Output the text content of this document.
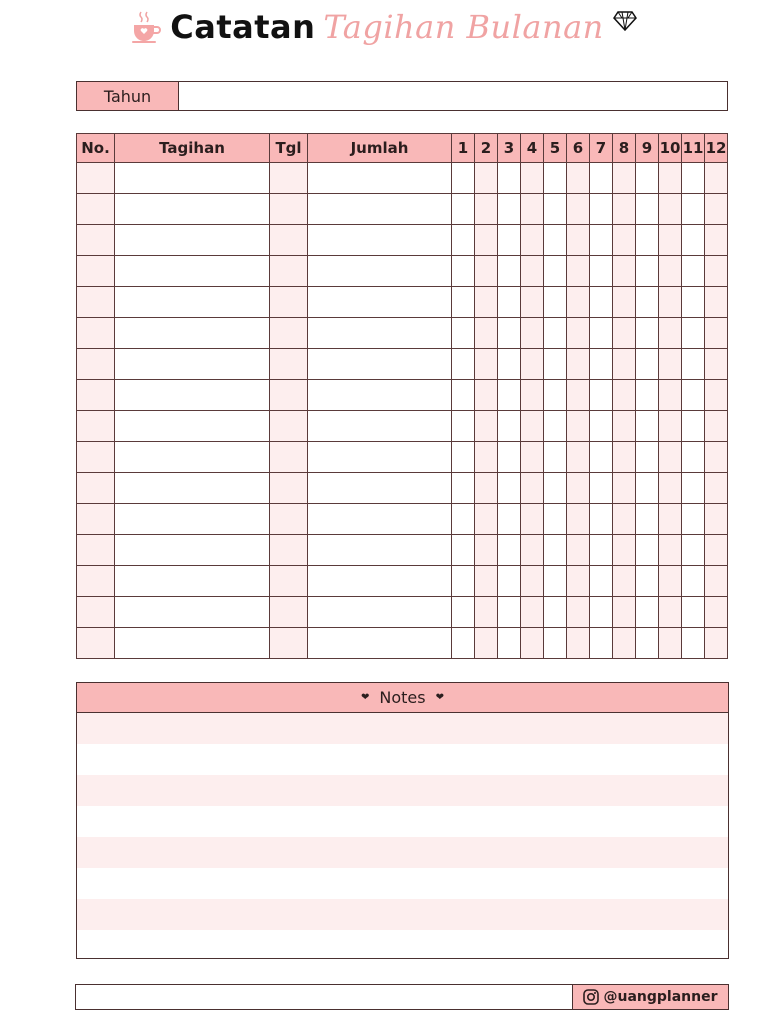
Catatan Tagihan Bulanan
Tahun
No.	Tagihan	Tgl	Jumlah	1	2	3	4	5	6	7	8	9	10	11	12

❤ Notes ❤
@uangplanner
